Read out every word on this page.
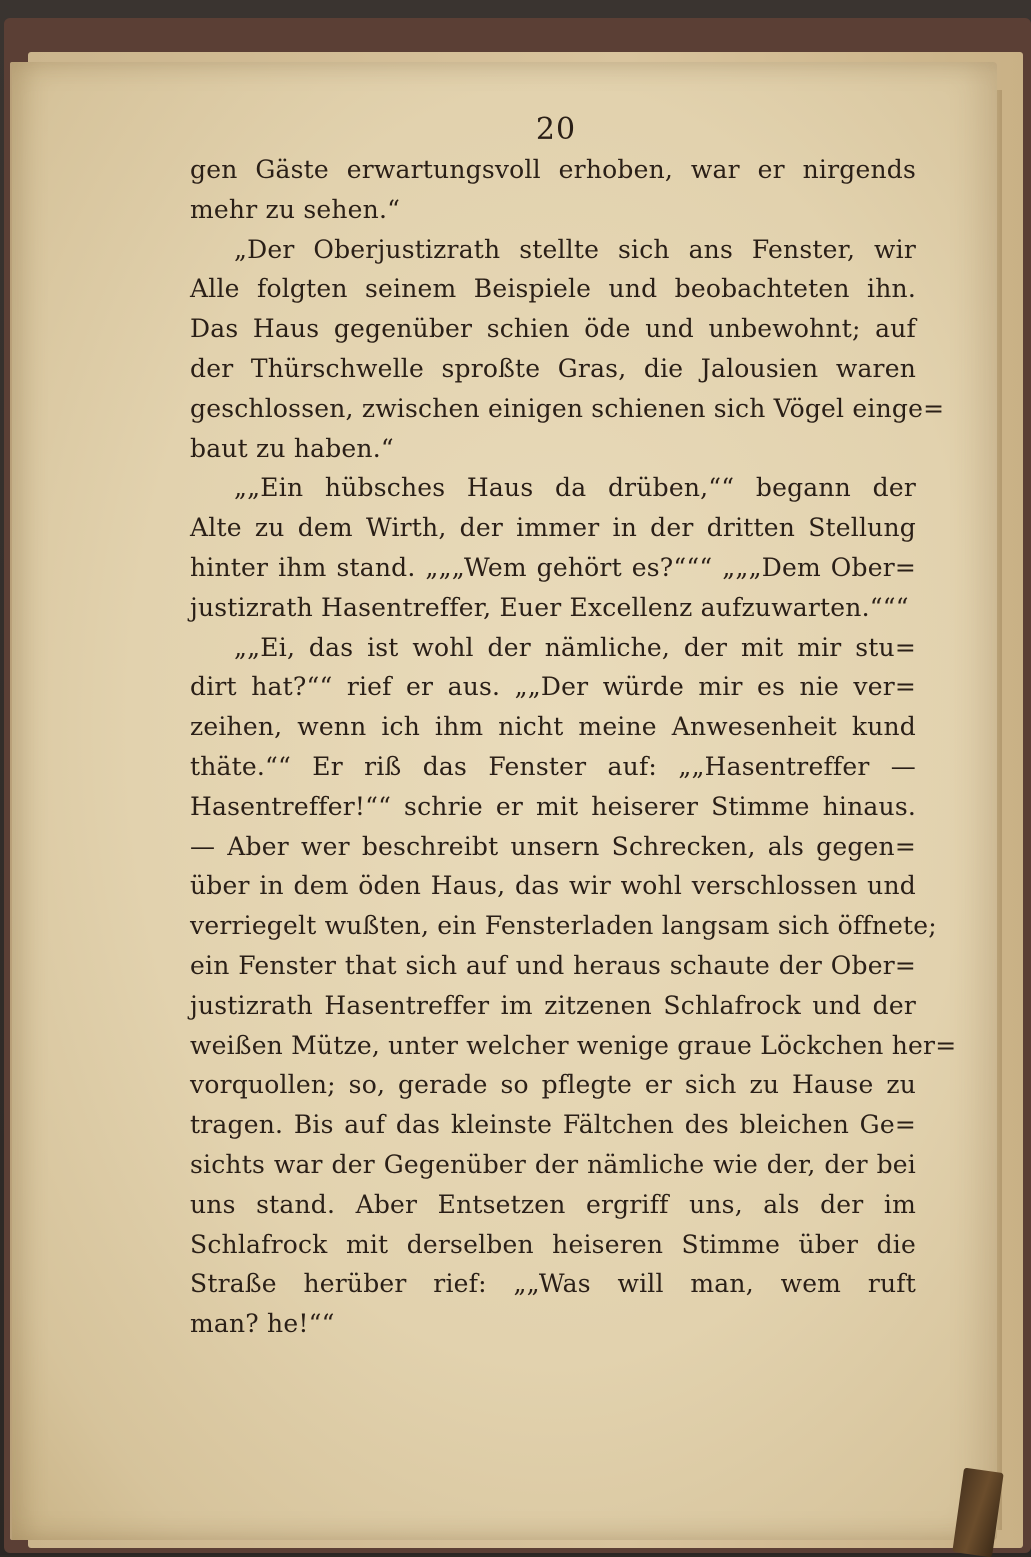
20
gen Gäste erwartungsvoll erhoben, war er nirgends
mehr zu sehen.“
„Der Oberjustizrath stellte sich ans Fenster, wir
Alle folgten seinem Beispiele und beobachteten ihn.
Das Haus gegenüber schien öde und unbewohnt; auf
der Thürschwelle sproßte Gras, die Jalousien waren
geschlossen, zwischen einigen schienen sich Vögel einge=
baut zu haben.“
„„Ein hübsches Haus da drüben,““ begann der
Alte zu dem Wirth, der immer in der dritten Stellung
hinter ihm stand. „„„Wem gehört es?“““ „„„Dem Ober=
justizrath Hasentreffer, Euer Excellenz aufzuwarten.“““
„„Ei, das ist wohl der nämliche, der mit mir stu=
dirt hat?““ rief er aus. „„Der würde mir es nie ver=
zeihen, wenn ich ihm nicht meine Anwesenheit kund
thäte.““ Er riß das Fenster auf: „„Hasentreffer —
Hasentreffer!““ schrie er mit heiserer Stimme hinaus.
— Aber wer beschreibt unsern Schrecken, als gegen=
über in dem öden Haus, das wir wohl verschlossen und
verriegelt wußten, ein Fensterladen langsam sich öffnete;
ein Fenster that sich auf und heraus schaute der Ober=
justizrath Hasentreffer im zitzenen Schlafrock und der
weißen Mütze, unter welcher wenige graue Löckchen her=
vorquollen; so, gerade so pflegte er sich zu Hause zu
tragen. Bis auf das kleinste Fältchen des bleichen Ge=
sichts war der Gegenüber der nämliche wie der, der bei
uns stand. Aber Entsetzen ergriff uns, als der im
Schlafrock mit derselben heiseren Stimme über die
Straße herüber rief: „„Was will man, wem ruft
man? he!““
